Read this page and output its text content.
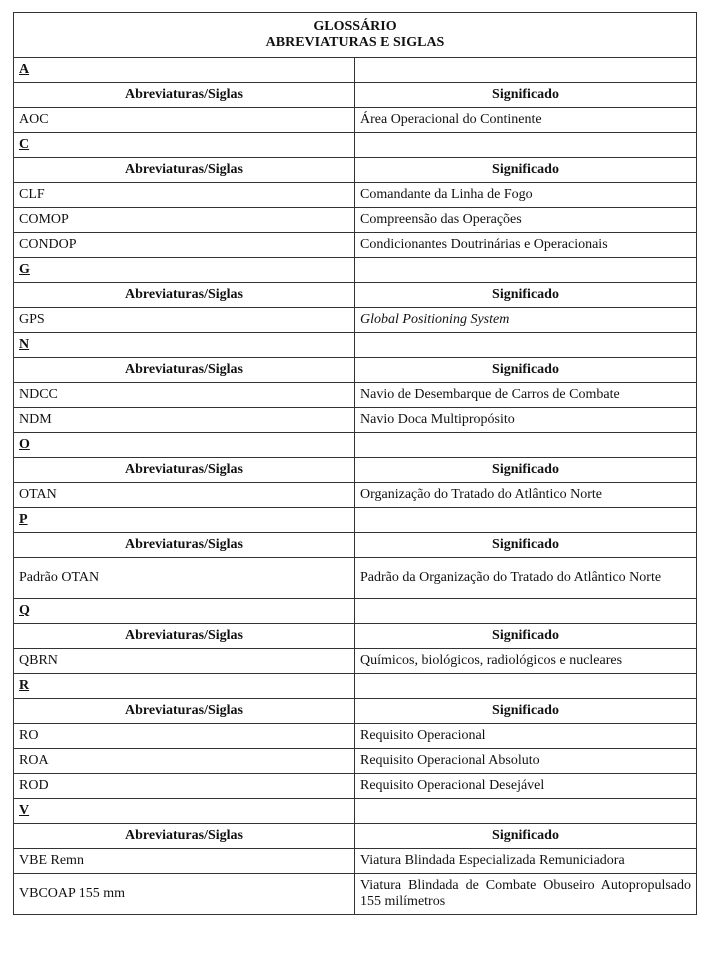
GLOSSÁRIO
ABREVIATURAS E SIGLAS	

A	
Abreviaturas/Siglas	Significado
AOC	Área Operacional do Continente
C	
Abreviaturas/Siglas	Significado
CLF	Comandante da Linha de Fogo
COMOP	Compreensão das Operações
CONDOP	Condicionantes Doutrinárias e Operacionais
G	
Abreviaturas/Siglas	Significado
GPS	Global Positioning System
N	
Abreviaturas/Siglas	Significado
NDCC	Navio de Desembarque de Carros de Combate
NDM	Navio Doca Multipropósito
O	
Abreviaturas/Siglas	Significado
OTAN	Organização do Tratado do Atlântico Norte
P	
Abreviaturas/Siglas	Significado
Padrão OTAN	Padrão da Organização do Tratado do Atlântico Norte
Q	
Abreviaturas/Siglas	Significado
QBRN	Químicos, biológicos, radiológicos e nucleares
R	
Abreviaturas/Siglas	Significado
RO	Requisito Operacional
ROA	Requisito Operacional Absoluto
ROD	Requisito Operacional Desejável
V	
Abreviaturas/Siglas	Significado
VBE Remn	Viatura Blindada Especializada Remuniciadora
VBCOAP 155 mm	Viatura Blindada de Combate Obuseiro Autopropulsado 155 milímetros
